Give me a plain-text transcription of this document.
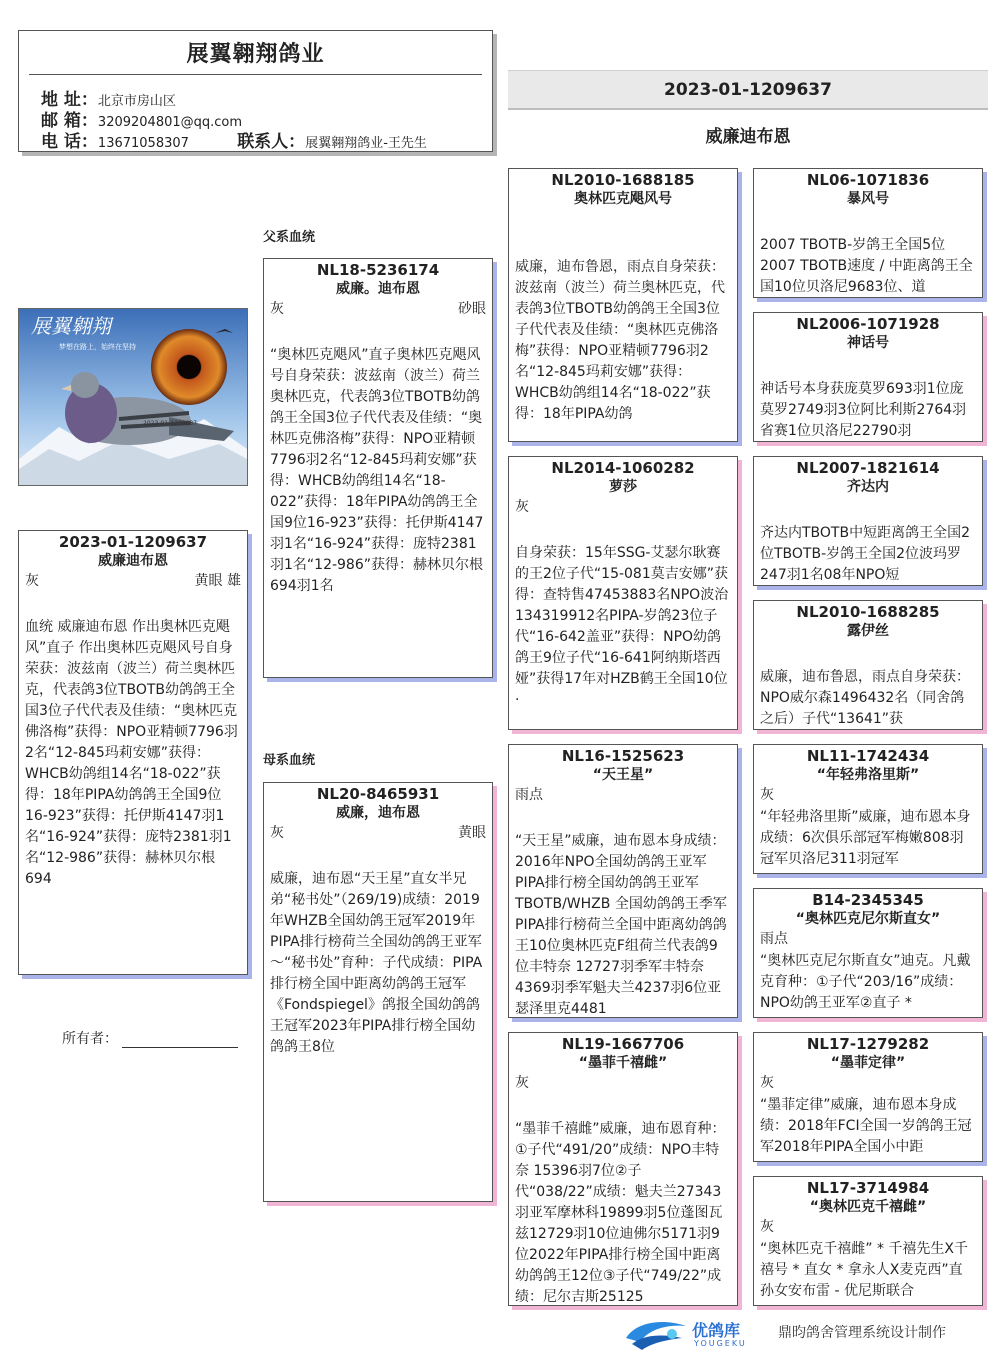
展翼翱翔鸽业
地 址：北京市房山区
邮 箱：3209204801@qq.com
电 话：13671058307	联系人：展翼翱翔鸽业-王先生
2023-01-1209637
威廉迪布恩
父系血统
母系血统
展翼翱翔
梦想在路上，始终在坚持
2023-01-1209637
2023-01-1209637
威廉迪布恩
灰	黄眼 雄
血统 威廉迪布恩 作出奥林匹克飓风”直子 作出奥林匹克飓风号自身荣获：波兹南（波兰）荷兰奥林匹克，代表鸽3位TBOTB幼鸽鸽王全国3位子代代表及佳绩：“奥林匹克佛洛梅”获得：NPO亚精顿7796羽2名“12-845玛莉安娜”获得：WHCB幼鸽组14名“18-022”获得：18年PIPA幼鸽鸽王全国9位16-923”获得：托伊斯4147羽1名“16-924”获得：庞特2381羽1名“12-986”获得：赫林贝尔根694
所有者：
NL18-5236174
威廉。迪布恩
灰	砂眼
“奥林匹克飓风”直子奥林匹克飓风号自身荣获：波兹南（波兰）荷兰奥林匹克，代表鸽3位TBOTB幼鸽鸽王全国3位子代代表及佳绩：“奥林匹克佛洛梅”获得：NPO亚精顿7796羽2名“12-845玛莉安娜”获得：WHCB幼鸽组14名“18-022”获得：18年PIPA幼鸽鸽王全国9位16-923”获得：托伊斯4147羽1名“16-924”获得：庞特2381羽1名“12-986”获得：赫林贝尔根694羽1名
NL20-8465931
威廉，迪布恩
灰	黄眼
威廉，迪布恩“天王星”直女半兄弟“秘书处”（269/19)成绩：2019年WHZB全国幼鸽王冠军2019年PIPA排行榜荷兰全国幼鸽鸽王亚军～“秘书处”育种：子代成绩：PIPA排行榜全国中距离幼鸽鸽王冠军《Fondspiegel》鸽报全国幼鸽鸽王冠军2023年PIPA排行榜全国幼鸽鸽王8位
NL2010-1688185
奥林匹克飓风号
威廉，迪布鲁恩，雨点自身荣获：波兹南（波兰）荷兰奥林匹克，代表鸽3位TBOTB幼鸽鸽王全国3位子代代表及佳绩：“奥林匹克佛洛梅”获得：NPO亚精顿7796羽2名“12-845玛莉安娜”获得：WHCB幼鸽组14名“18-022”获得：18年PIPA幼鸽
NL2014-1060282
萝莎
灰
自身荣获：15年SSG-艾瑟尔耿赛的王2位子代“15-081莫吉安娜”获得：查特售47453883名NPO波治134319912名PIPA-岁鸽23位子代“16-642盖亚”获得：NPO幼鸽鸽王9位子代“16-641阿纳斯塔西娅”获得17年对HZB鹤王全国10位·
NL16-1525623
“天王星”
雨点
“天王星”威廉，迪布恩本身成绩：2016年NPO全国幼鸽鸽王亚军PIPA排行榜全国幼鸽鸽王亚军TBOTB/WHZB 全国幼鸽鸽王季军PIPA排行榜荷兰全国中距离幼鸽鸽王10位奥林匹克F组荷兰代表鸽9位丰特奈 12727羽季军丰特奈4369羽季军魁夫兰4237羽6位亚瑟泽里克4481
NL19-1667706
“墨菲千禧雌”
灰
“墨菲千禧雌”威廉，迪布恩育种：①子代“491/20”成绩：NPO丰特奈 15396羽7位②子代“038/22”成绩：魁夫兰27343羽亚军摩林科19899羽5位蓬图瓦兹12729羽10位迪佛尔5171羽9位2022年PIPA排行榜全国中距离幼鸽鸽王12位③子代“749/22”成绩：尼尔吉斯25125
NL06-1071836
暴风号
2007 TBOTB-岁鸽王全国5位2007 TBOTB速度 / 中距离鸽王全国10位贝洛尼9683位、道
NL2006-1071928
神话号
神话号本身获庞莫罗693羽1位庞莫罗2749羽3位阿比利斯2764羽省赛1位贝洛尼22790羽
NL2007-1821614
齐达内
齐达内TBOTB中短距离鸽王全国2位TBOTB-岁鸽王全国2位波玛罗247羽1名08年NPO短
NL2010-1688285
露伊丝
威廉，迪布鲁恩，雨点自身荣获：NPO威尔森1496432名（同舍鸽之后）子代“13641”获
NL11-1742434
“年轻弗洛里斯”
灰
“年轻弗洛里斯”威廉，迪布恩本身成绩：6次俱乐部冠军梅嫩808羽冠军贝洛尼311羽冠军
B14-2345345
“奥林匹克尼尔斯直女”
雨点
“奥林匹克尼尔斯直女”迪克。凡戴克育种：①子代“203/16”成绩：NPO幼鸽王亚军②直子 *
NL17-1279282
“墨菲定律”
灰
“墨菲定律”威廉，迪布恩本身成绩：2018年FCI全国一岁鸽鸽王冠军2018年PIPA全国小中距
NL17-3714984
“奥林匹克千禧雌”
灰
“奥林匹克千禧雌” * 千禧先生X千禧号 * 直女 * 拿永人X麦克西”直孙女安布雷 - 优尼斯联合
优鸽库
YOUGEKU
鼎昀鸽舍管理系统设计制作
